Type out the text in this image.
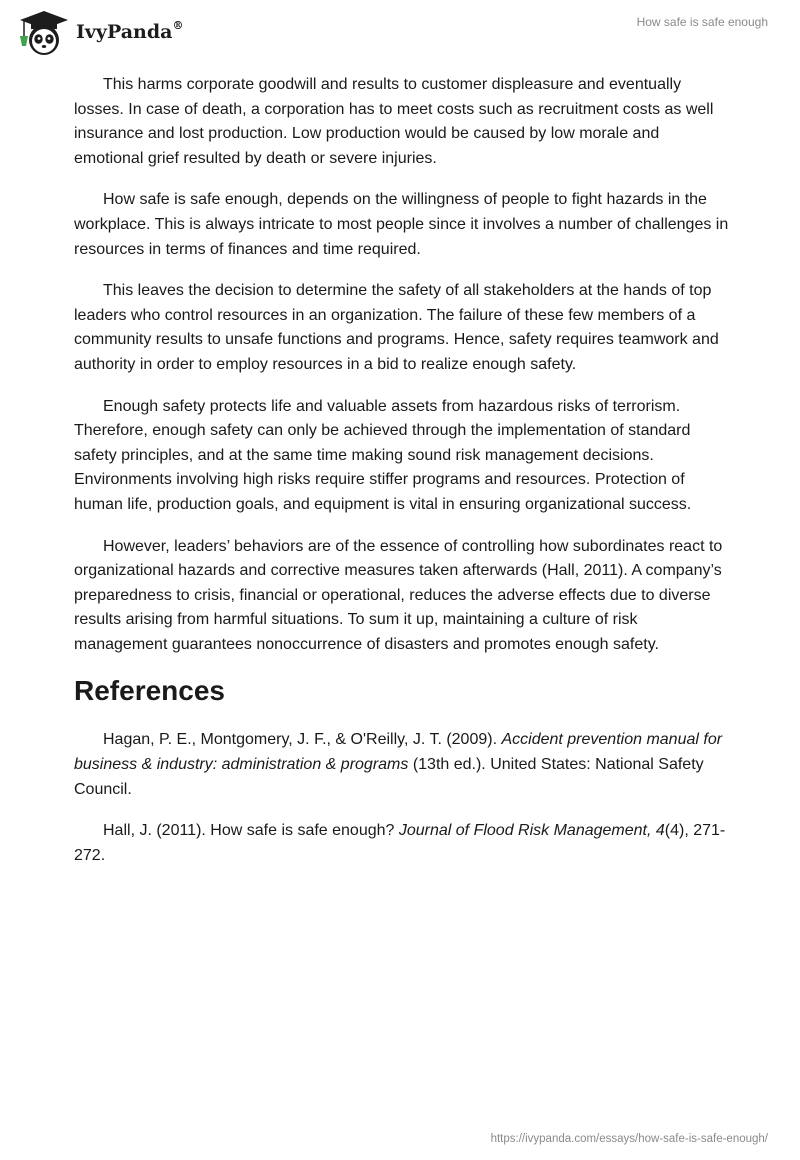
IvyPanda®	How safe is safe enough

This harms corporate goodwill and results to customer displeasure and eventually losses. In case of death, a corporation has to meet costs such as recruitment costs as well insurance and lost production. Low production would be caused by low morale and emotional grief resulted by death or severe injuries.

How safe is safe enough, depends on the willingness of people to fight hazards in the workplace. This is always intricate to most people since it involves a number of challenges in resources in terms of finances and time required.

This leaves the decision to determine the safety of all stakeholders at the hands of top leaders who control resources in an organization. The failure of these few members of a community results to unsafe functions and programs. Hence, safety requires teamwork and authority in order to employ resources in a bid to realize enough safety.

Enough safety protects life and valuable assets from hazardous risks of terrorism. Therefore, enough safety can only be achieved through the implementation of standard safety principles, and at the same time making sound risk management decisions. Environments involving high risks require stiffer programs and resources. Protection of human life, production goals, and equipment is vital in ensuring organizational success.

However, leaders’ behaviors are of the essence of controlling how subordinates react to organizational hazards and corrective measures taken afterwards (Hall, 2011). A company’s preparedness to crisis, financial or operational, reduces the adverse effects due to diverse results arising from harmful situations. To sum it up, maintaining a culture of risk management guarantees nonoccurrence of disasters and promotes enough safety.

References

Hagan, P. E., Montgomery, J. F., & O'Reilly, J. T. (2009). Accident prevention manual for business & industry: administration & programs (13th ed.). United States: National Safety Council.

Hall, J. (2011). How safe is safe enough? Journal of Flood Risk Management, 4(4), 271-272.

https://ivypanda.com/essays/how-safe-is-safe-enough/
